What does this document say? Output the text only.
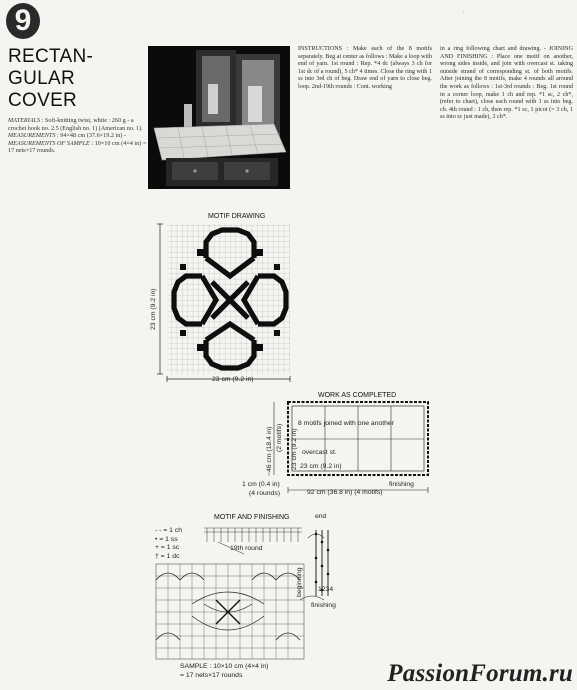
9	’
RECTAN-
GULAR
COVER
MATERIALS : Soft-knitting twist, white : 260 g - a crochet hook no. 2.5 (English no. 1) (American no. 1).
MEASUREMENTS : 94×48 cm (37.6×19.2 in) - MEASUREMENTS OF SAMPLE : 10×10 cm (4×4 in) = 17 nets×17 rounds.
INSTRUCTIONS : Make each of the 8 motifs separately. Beg at center as follows : Make a loop with end of yarn. 1st round : Rep. *4 dc (always 3 ch for 1st dc of a round), 5 ch* 4 times. Close the ring with 1 ss into 3rd ch of beg. Draw end of yarn to close beg. loop. 2nd-19th rounds : Cont. working
in a ring following chart and drawing. - JOINING AND FINISHING : Place one motif on another, wrong sides inside, and join with overcast st. taking outside strand of corresponding st. of both motifs. After joining the 8 motifs, make 4 rounds all around the work as follows : 1st-3rd rounds : Beg. 1st round in a corner loop, make 1 ch and rep. *1 sc, 2 ch*, (refer to chart), close each round with 1 ss into beg. ch. 4th round : 1 ch, then rep. *1 sc, 1 picot (= 3 ch, 1 ss into sc just made), 2 ch*.
MOTIF DRAWING
23 cm (9.2 in)
23 cm (9.2 in)
WORK AS COMPLETED
8 motifs joined with one another
overcast st.
23 cm (9.2 in)
23 cm (9.2 in)
~46 cm (18.4 in) (2 motifs)
1 cm (0.4 in)
(4 rounds)
finishing
92 cm (36.8 in) (4 motifs)
- - = 1 ch
• = 1 ss
+ = 1 sc
† = 1 dc
MOTIF AND FINISHING	end
19th round
beginning 1234
finishing
SAMPLE : 10×10 cm (4×4 in)
= 17 nets×17 rounds	PassionForum.ru
